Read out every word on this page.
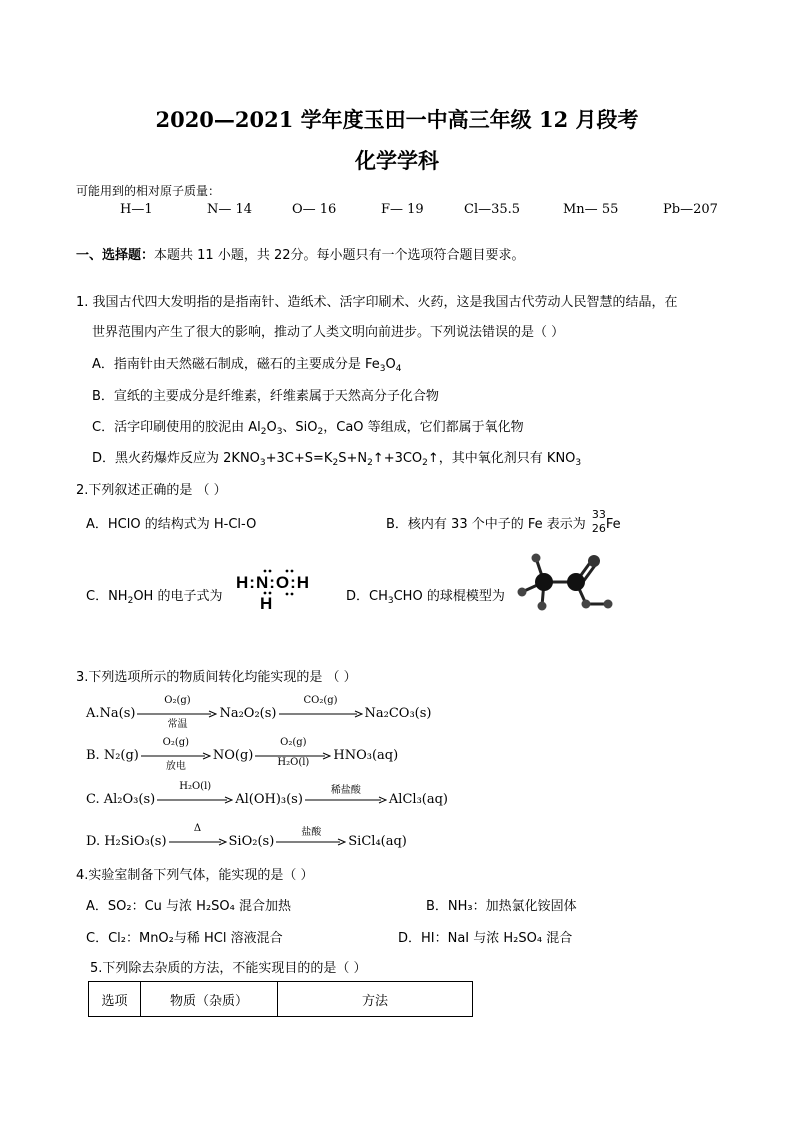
2020—2021 学年度玉田一中高三年级 12 月段考
化学学科
可能用到的相对原子质量：
H—1	N— 14	O— 16	F— 19	Cl—35.5	Mn— 55	Pb—207
一、选择题：本题共 11 小题，共 22分。每小题只有一个选项符合题目要求。
1. 我国古代四大发明指的是指南针、造纸术、活字印刷术、火药，这是我国古代劳动人民智慧的结晶，在
世界范围内产生了很大的影响，推动了人类文明向前进步。下列说法错误的是（ ）
A．指南针由天然磁石制成，磁石的主要成分是 $Fe_3O_4$
B．宣纸的主要成分是纤维素，纤维素属于天然高分子化合物
C．活字印刷使用的胶泥由 $Al_2O_3$、SiO$_2$，CaO 等组成，它们都属于氧化物
D．黑火药爆炸反应为 $2KNO_3+3C+S=K_2S+N_2↑+3CO_2↑$，其中氧化剂只有 $KNO_3$
2.下列叙述正确的是 （ ）
A．HClO 的结构式为 H-Cl-O	B．核内有 33 个中子的 Fe 表示为
33
26 Fe
C．$NH_2OH$ 的电子式为
H:N:O:H
H	D．$CH_3CHO$ 的球棍模型为
3.下列选项所示的物质间转化均能实现的是 （ ）
A.Na(s)
O₂(g)
常温
Na₂O₂(s)
CO₂(g)
Na₂CO₃(s)
B. N₂(g)
O₂(g)
放电
NO(g)
O₂(g)
H₂O(l)	HNO₃(aq)
C. Al₂O₃(s)
H₂O(l)
Al(OH)₃(s)
稀盐酸
AlCl₃(aq)
D. H₂SiO₃(s)
Δ
SiO₂(s)
盐酸
SiCl₄(aq)
4.实验室制备下列气体，能实现的是（ ）
A．SO₂：Cu 与浓 H₂SO₄ 混合加热	B．NH₃：加热氯化铵固体
C．Cl₂：MnO₂与稀 HCl 溶液混合	D．HI：NaI 与浓 H₂SO₄ 混合
5.下列除去杂质的方法，不能实现目的的是（ ）
选项	物质（杂质）	方法
